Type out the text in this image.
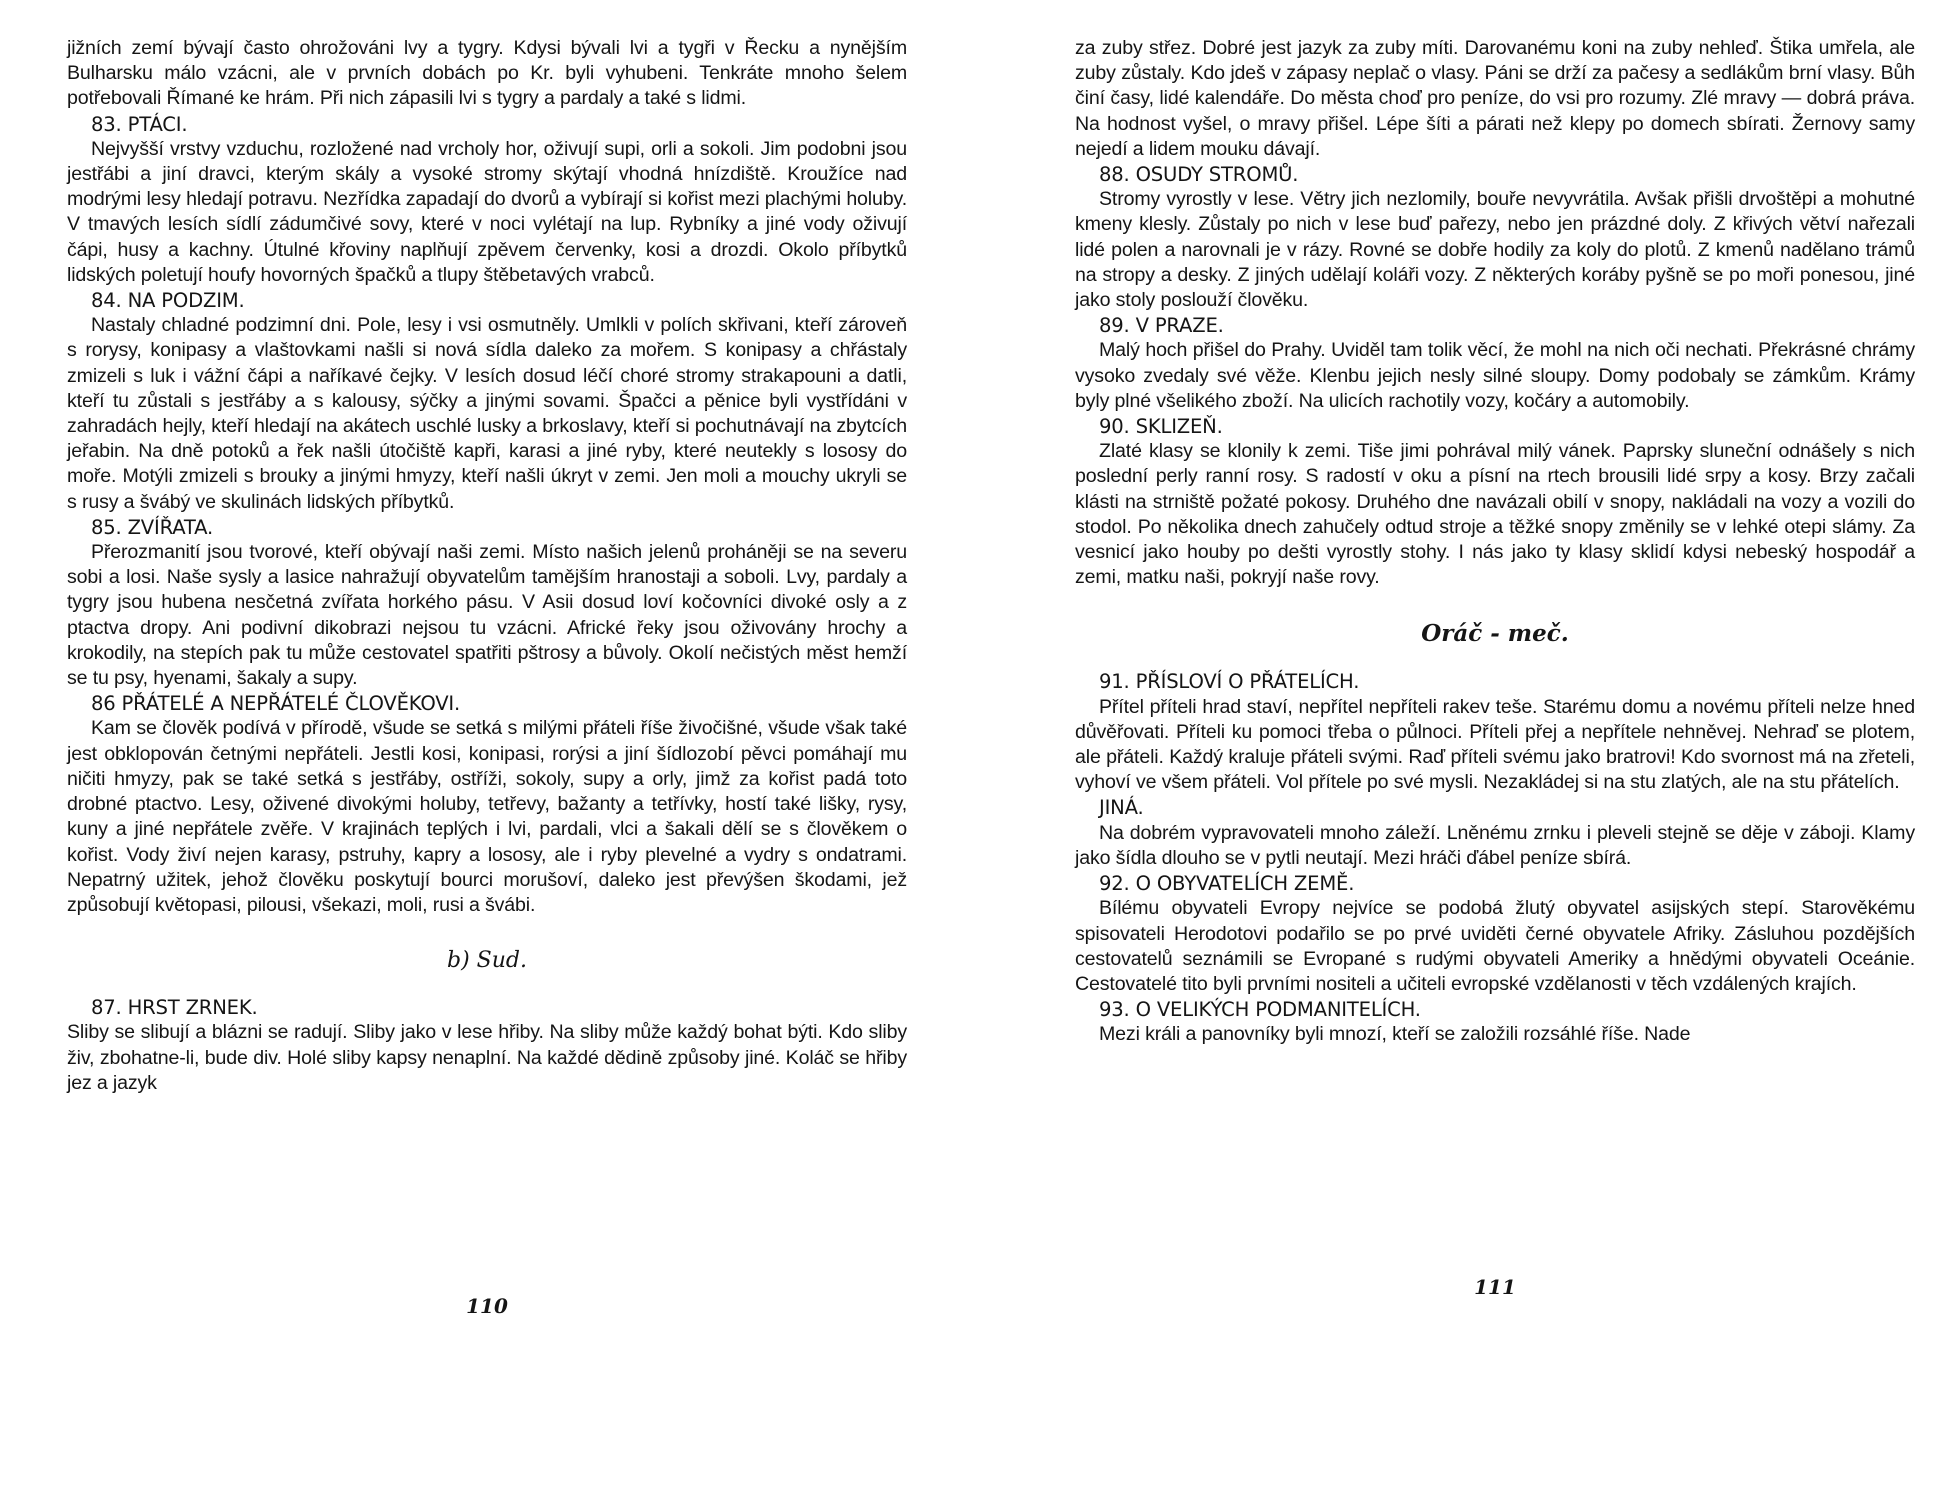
jižních zemí bývají často ohrožováni lvy a tygry. Kdysi bývali lvi a tygři v Řecku a nynějším Bulharsku málo vzácni, ale v prvních dobách po Kr. byli vyhubeni. Tenkráte mnoho šelem potřebovali Římané ke hrám. Při nich zápasili lvi s tygry a pardaly a také s lidmi.

83. PTÁCI.

Nejvyšší vrstvy vzduchu, rozložené nad vrcholy hor, oživují supi, orli a sokoli. Jim podobni jsou jestřábi a jiní dravci, kterým skály a vysoké stromy skýtají vhodná hnízdiště. Kroužíce nad modrými lesy hledají potravu. Nezřídka zapadají do dvorů a vybírají si kořist mezi plachými holuby. V tmavých lesích sídlí zádumčivé sovy, které v noci vylétají na lup. Rybníky a jiné vody oživují čápi, husy a kachny. Útulné křoviny naplňují zpěvem červenky, kosi a drozdi. Okolo příbytků lidských poletují houfy hovorných špačků a tlupy štěbetavých vrabců.

84. NA PODZIM.

Nastaly chladné podzimní dni. Pole, lesy i vsi osmutněly. Umlkli v polích skřivani, kteří zároveň s rorysy, konipasy a vlaštovkami našli si nová sídla daleko za mořem. S konipasy a chřástaly zmizeli s luk i vážní čápi a naříkavé čejky. V lesích dosud léčí choré stromy strakapouni a datli, kteří tu zůstali s jestřáby a s kalousy, sýčky a jinými sovami. Špačci a pěnice byli vystřídáni v zahradách hejly, kteří hledají na akátech uschlé lusky a brkoslavy, kteří si pochutnávají na zbytcích jeřabin. Na dně potoků a řek našli útočiště kapři, karasi a jiné ryby, které neutekly s lososy do moře. Motýli zmizeli s brouky a jinými hmyzy, kteří našli úkryt v zemi. Jen moli a mouchy ukryli se s rusy a švábý ve skulinách lidských příbytků.

85. ZVÍŘATA.

Přerozmanití jsou tvorové, kteří obývají naši zemi. Místo našich jelenů proháněji se na severu sobi a losi. Naše sysly a lasice nahražují obyvatelům tamějším hranostaji a soboli. Lvy, pardaly a tygry jsou hubena nesčetná zvířata horkého pásu. V Asii dosud loví kočovníci divoké osly a z ptactva dropy. Ani podivní dikobrazi nejsou tu vzácni. Africké řeky jsou oživovány hrochy a krokodily, na stepích pak tu může cestovatel spatřiti pštrosy a bůvoly. Okolí nečistých měst hemží se tu psy, hyenami, šakaly a supy.

86 PŘÁTELÉ A NEPŘÁTELÉ ČLOVĚKOVI.

Kam se člověk podívá v přírodě, všude se setká s milými přáteli říše živočišné, všude však také jest obklopován četnými nepřáteli. Jestli kosi, konipasi, rorýsi a jiní šídlozobí pěvci pomáhají mu ničiti hmyzy, pak se také setká s jestřáby, ostříži, sokoly, supy a orly, jimž za kořist padá toto drobné ptactvo. Lesy, oživené divokými holuby, tetřevy, bažanty a tetřívky, hostí také lišky, rysy, kuny a jiné nepřátele zvěře. V krajinách teplých i lvi, pardali, vlci a šakali dělí se s člověkem o kořist. Vody živí nejen karasy, pstruhy, kapry a lososy, ale i ryby plevelné a vydry s ondatrami. Nepatrný užitek, jehož člověku poskytují bourci morušoví, daleko jest převýšen škodami, jež způsobují květopasi, pilousi, všekazi, moli, rusi a švábi.

b) Sud.
87. HRST ZRNEK.

Sliby se slibují a blázni se radují. Sliby jako v lese hřiby. Na sliby může každý bohat býti. Kdo sliby živ, zbohatne-li, bude div. Holé sliby kapsy nenaplní. Na každé dědině způsoby jiné. Koláč se hřiby jez a jazyk

110

za zuby střez. Dobré jest jazyk za zuby míti. Darovanému koni na zuby nehleď. Štika umřela, ale zuby zůstaly. Kdo jdeš v zápasy neplač o vlasy. Páni se drží za pačesy a sedlákům brní vlasy. Bůh činí časy, lidé kalendáře. Do města choď pro peníze, do vsi pro rozumy. Zlé mravy — dobrá práva. Na hodnost vyšel, o mravy přišel. Lépe šíti a párati než klepy po domech sbírati. Žernovy samy nejedí a lidem mouku dávají.

88. OSUDY STROMŮ.

Stromy vyrostly v lese. Větry jich nezlomily, bouře nevyvrátila. Avšak přišli drvoštěpi a mohutné kmeny klesly. Zůstaly po nich v lese buď pařezy, nebo jen prázdné doly. Z křivých větví nařezali lidé polen a narovnali je v rázy. Rovné se dobře hodily za koly do plotů. Z kmenů nadělano trámů na stropy a desky. Z jiných udělají koláři vozy. Z některých koráby pyšně se po moři ponesou, jiné jako stoly poslouží člověku.

89. V PRAZE.

Malý hoch přišel do Prahy. Uviděl tam tolik věcí, že mohl na nich oči nechati. Překrásné chrámy vysoko zvedaly své věže. Klenbu jejich nesly silné sloupy. Domy podobaly se zámkům. Krámy byly plné všelikého zboží. Na ulicích rachotily vozy, kočáry a automobily.

90. SKLIZEŇ.

Zlaté klasy se klonily k zemi. Tiše jimi pohrával milý vánek. Paprsky sluneční odnášely s nich poslední perly ranní rosy. S radostí v oku a písní na rtech brousili lidé srpy a kosy. Brzy začali klásti na strniště požaté pokosy. Druhého dne navázali obilí v snopy, nakládali na vozy a vozili do stodol. Po několika dnech zahučely odtud stroje a těžké snopy změnily se v lehké otepi slámy. Za vesnicí jako houby po dešti vyrostly stohy. I nás jako ty klasy sklidí kdysi nebeský hospodář a zemi, matku naši, pokryjí naše rovy.

Oráč - meč.
91. PŘÍSLOVÍ O PŘÁTELÍCH.

Přítel příteli hrad staví, nepřítel nepříteli rakev teše. Starému domu a novému příteli nelze hned důvěřovati. Příteli ku pomoci třeba o půlnoci. Příteli přej a nepřítele nehněvej. Nehraď se plotem, ale přáteli. Každý kraluje přáteli svými. Raď příteli svému jako bratrovi! Kdo svornost má na zřeteli, vyhoví ve všem přáteli. Vol přítele po své mysli. Nezakládej si na stu zlatých, ale na stu přátelích.

JINÁ.

Na dobrém vypravovateli mnoho záleží. Lněnému zrnku i pleveli stejně se děje v záboji. Klamy jako šídla dlouho se v pytli neutají. Mezi hráči ďábel peníze sbírá.

92. O OBYVATELÍCH ZEMĚ.

Bílému obyvateli Evropy nejvíce se podobá žlutý obyvatel asijských stepí. Starověkému spisovateli Herodotovi podařilo se po prvé uviděti černé obyvatele Afriky. Zásluhou pozdějších cestovatelů seznámili se Evropané s rudými obyvateli Ameriky a hnědými obyvateli Oceánie. Cestovatelé tito byli prvními nositeli a učiteli evropské vzdělanosti v těch vzdálených krajích.

93. O VELIKÝCH PODMANITELÍCH.

Mezi králi a panovníky byli mnozí, kteří se založili rozsáhlé říše. Nade

111
